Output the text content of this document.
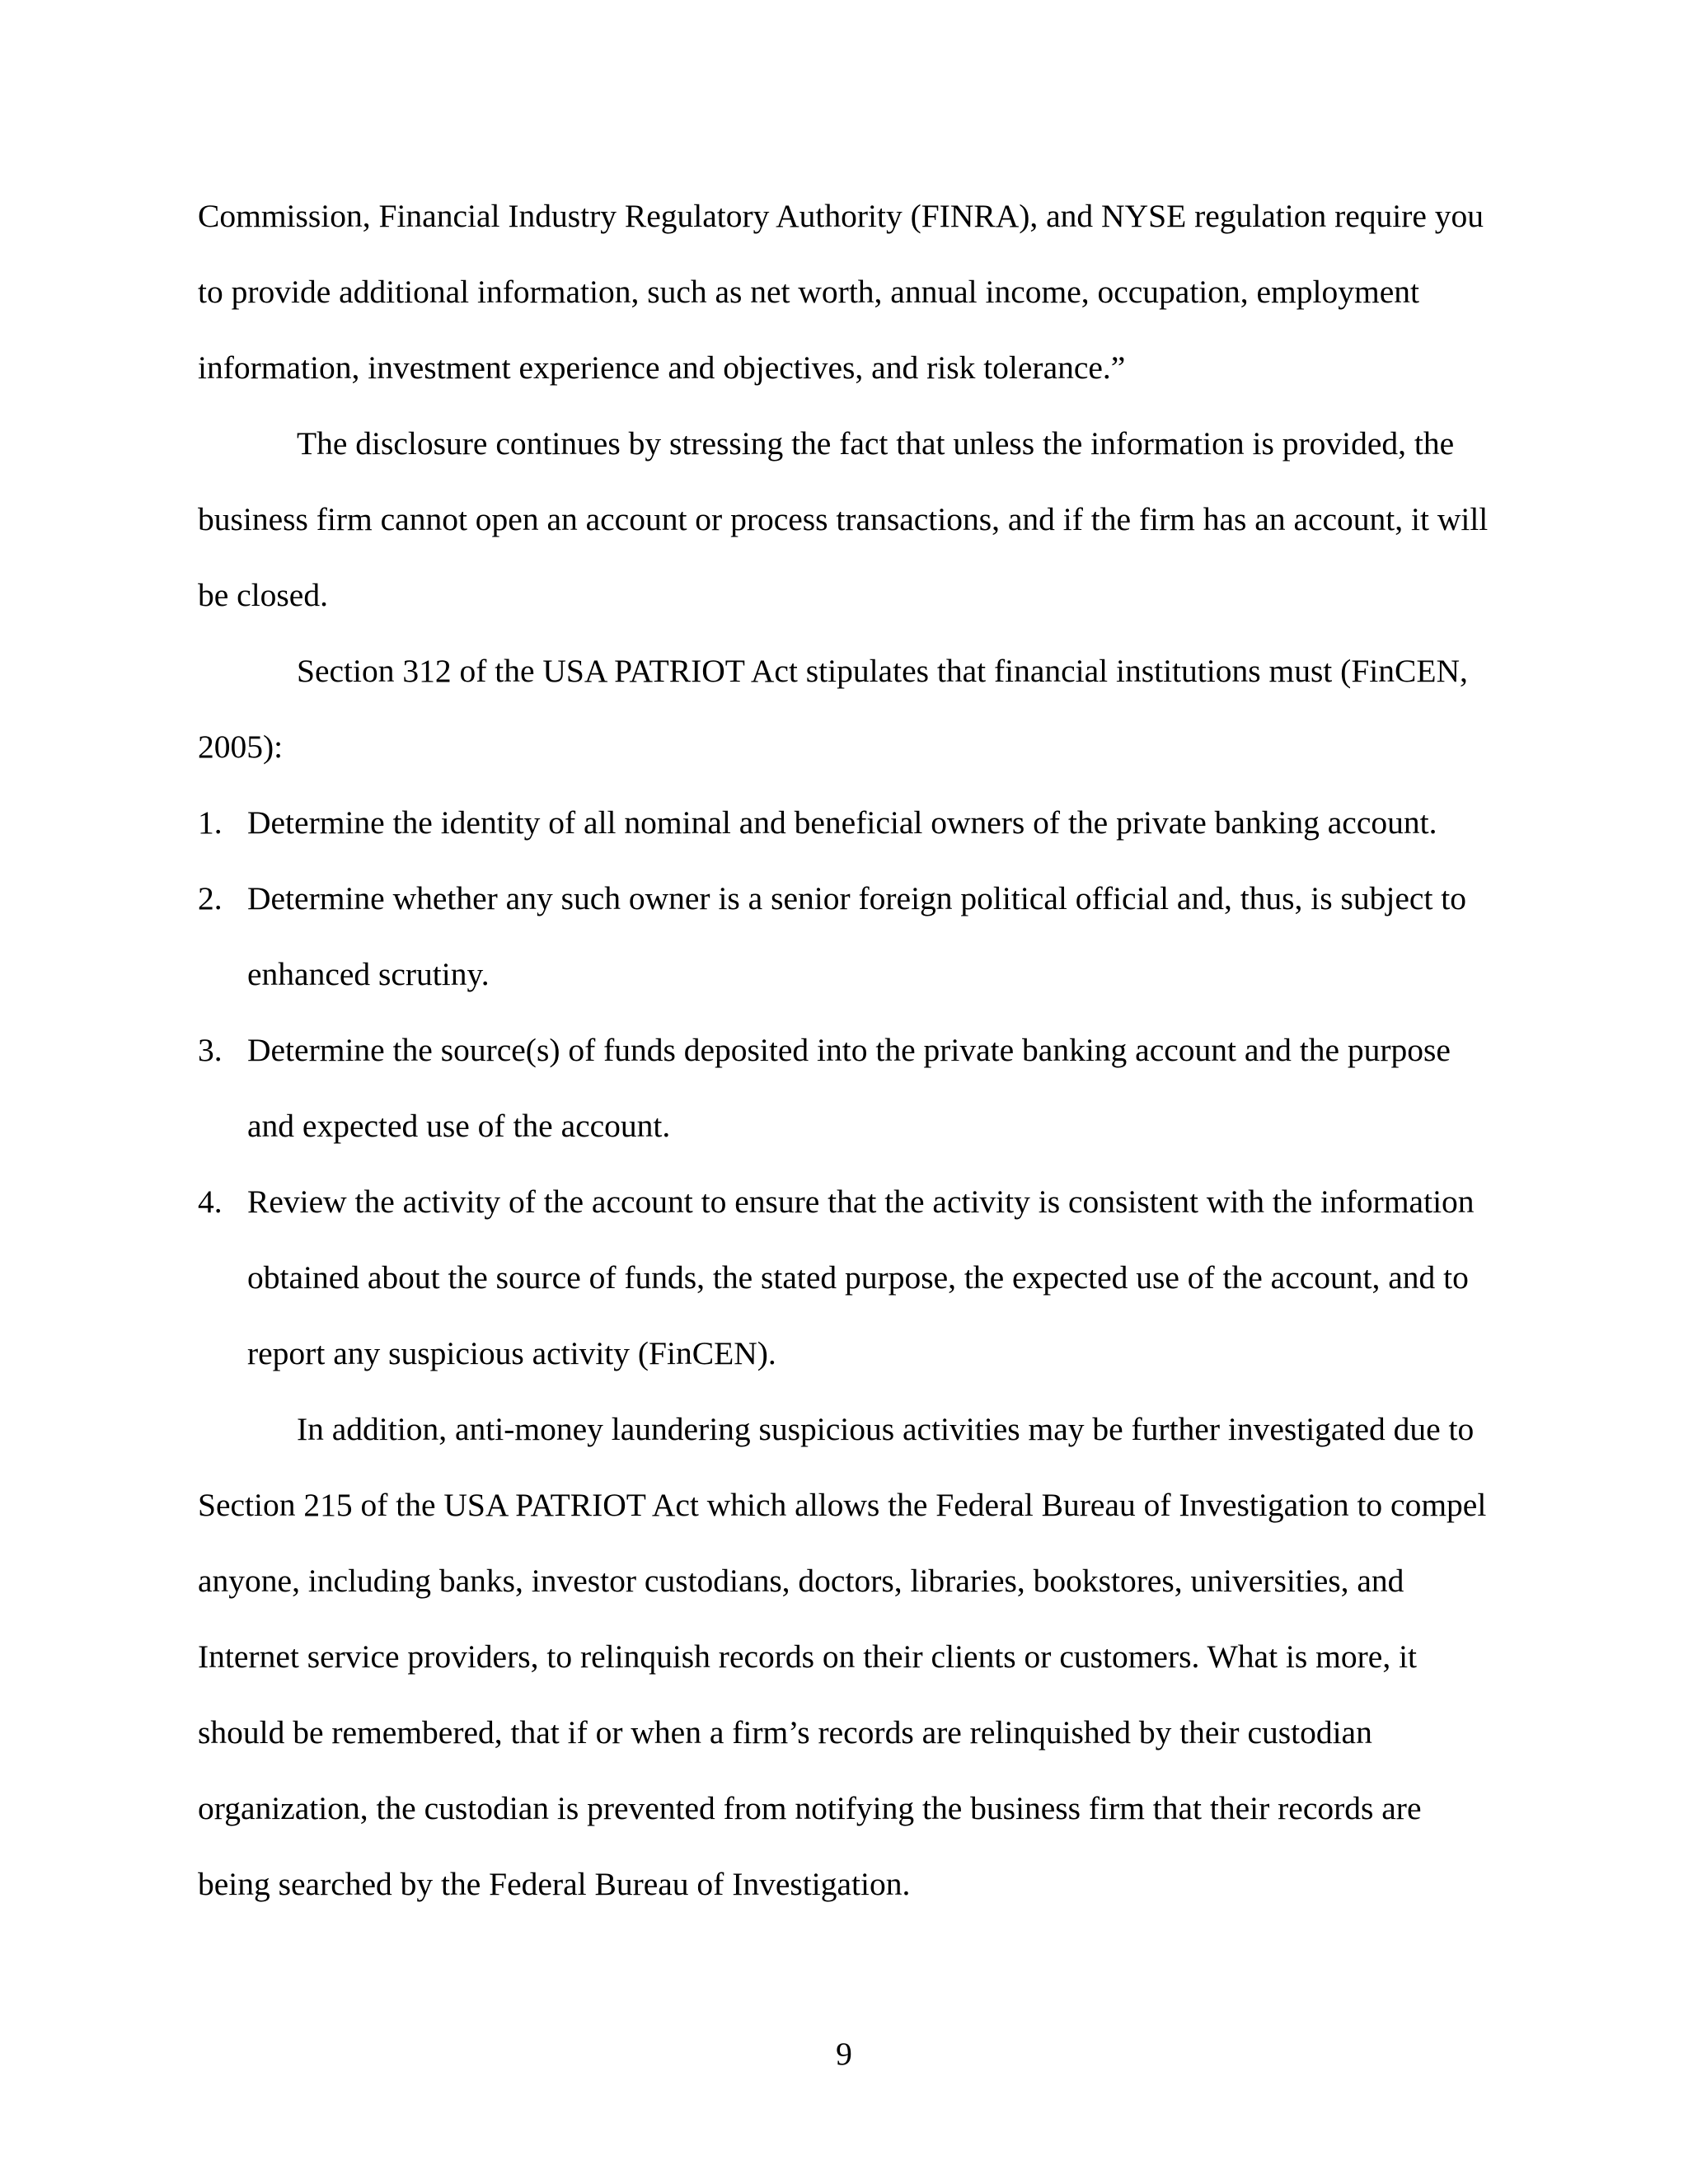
Commission, Financial Industry Regulatory Authority (FINRA), and NYSE regulation require you to provide additional information, such as net worth, annual income, occupation, employment information, investment experience and objectives, and risk tolerance.”

The disclosure continues by stressing the fact that unless the information is provided, the business firm cannot open an account or process transactions, and if the firm has an account, it will be closed.

Section 312 of the USA PATRIOT Act stipulates that financial institutions must (FinCEN, 2005):

1. Determine the identity of all nominal and beneficial owners of the private banking account.
2. Determine whether any such owner is a senior foreign political official and, thus, is subject to enhanced scrutiny.
3. Determine the source(s) of funds deposited into the private banking account and the purpose and expected use of the account.
4. Review the activity of the account to ensure that the activity is consistent with the information obtained about the source of funds, the stated purpose, the expected use of the account, and to report any suspicious activity (FinCEN).

In addition, anti-money laundering suspicious activities may be further investigated due to Section 215 of the USA PATRIOT Act which allows the Federal Bureau of Investigation to compel anyone, including banks, investor custodians, doctors, libraries, bookstores, universities, and Internet service providers, to relinquish records on their clients or customers. What is more, it should be remembered, that if or when a firm’s records are relinquished by their custodian organization, the custodian is prevented from notifying the business firm that their records are being searched by the Federal Bureau of Investigation.

9
